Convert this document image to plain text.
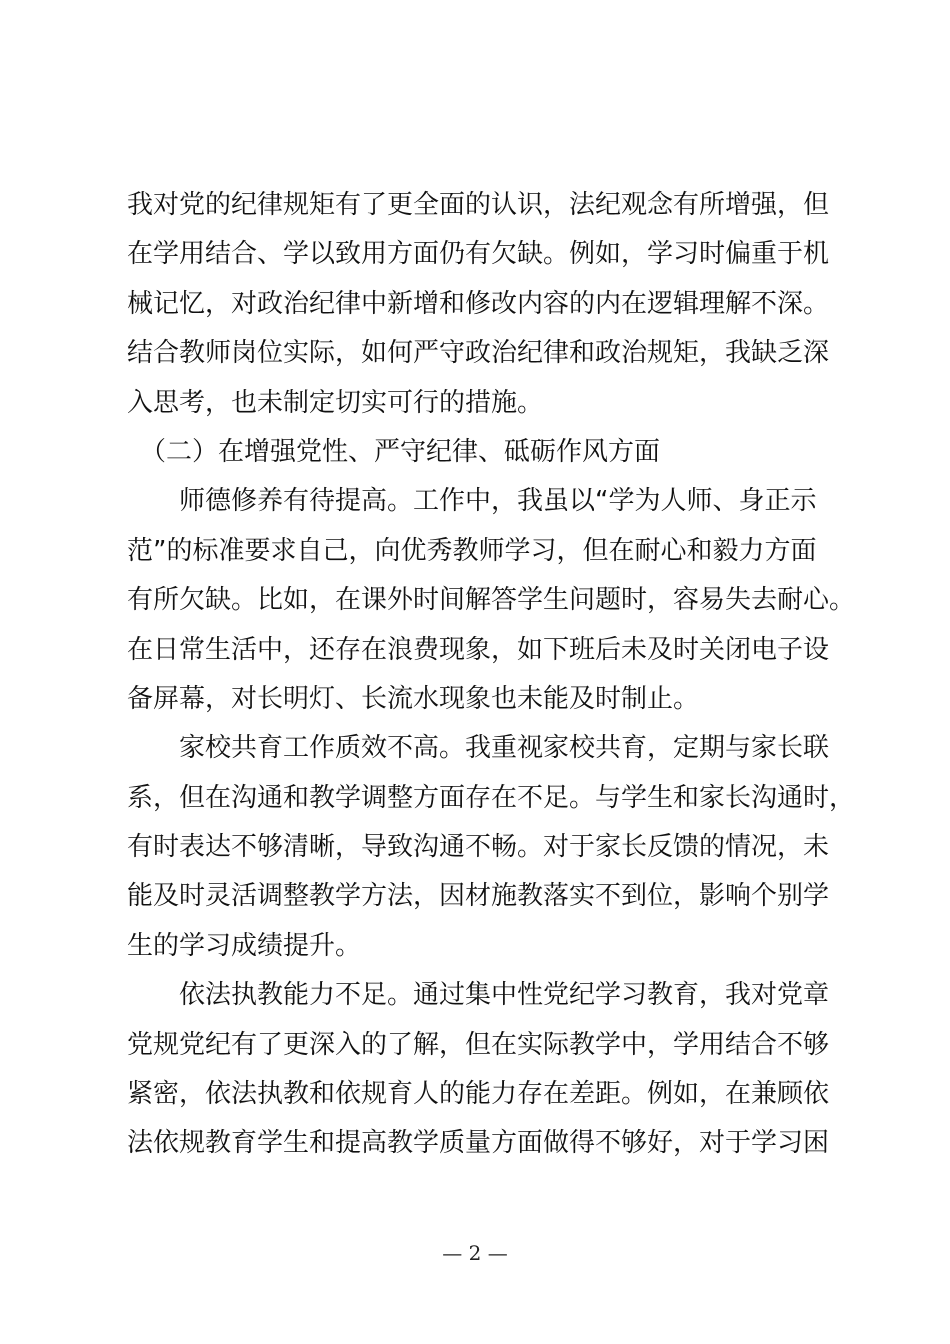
我对党的纪律规矩有了更全面的认识，法纪观念有所增强，但
在学用结合、学以致用方面仍有欠缺。例如，学习时偏重于机
械记忆，对政治纪律中新增和修改内容的内在逻辑理解不深。
结合教师岗位实际，如何严守政治纪律和政治规矩，我缺乏深
入思考，也未制定切实可行的措施。
　（二）在增强党性、严守纪律、砥砺作风方面
　　师德修养有待提高。工作中，我虽以“学为人师、身正示
范”的标准要求自己，向优秀教师学习，但在耐心和毅力方面
有所欠缺。比如，在课外时间解答学生问题时，容易失去耐心。
在日常生活中，还存在浪费现象，如下班后未及时关闭电子设
备屏幕，对长明灯、长流水现象也未能及时制止。
　　家校共育工作质效不高。我重视家校共育，定期与家长联
系，但在沟通和教学调整方面存在不足。与学生和家长沟通时，
有时表达不够清晰，导致沟通不畅。对于家长反馈的情况，未
能及时灵活调整教学方法，因材施教落实不到位，影响个别学
生的学习成绩提升。
　　依法执教能力不足。通过集中性党纪学习教育，我对党章
党规党纪有了更深入的了解，但在实际教学中，学用结合不够
紧密，依法执教和依规育人的能力存在差距。例如，在兼顾依
法依规教育学生和提高教学质量方面做得不够好，对于学习困
— 2 —
